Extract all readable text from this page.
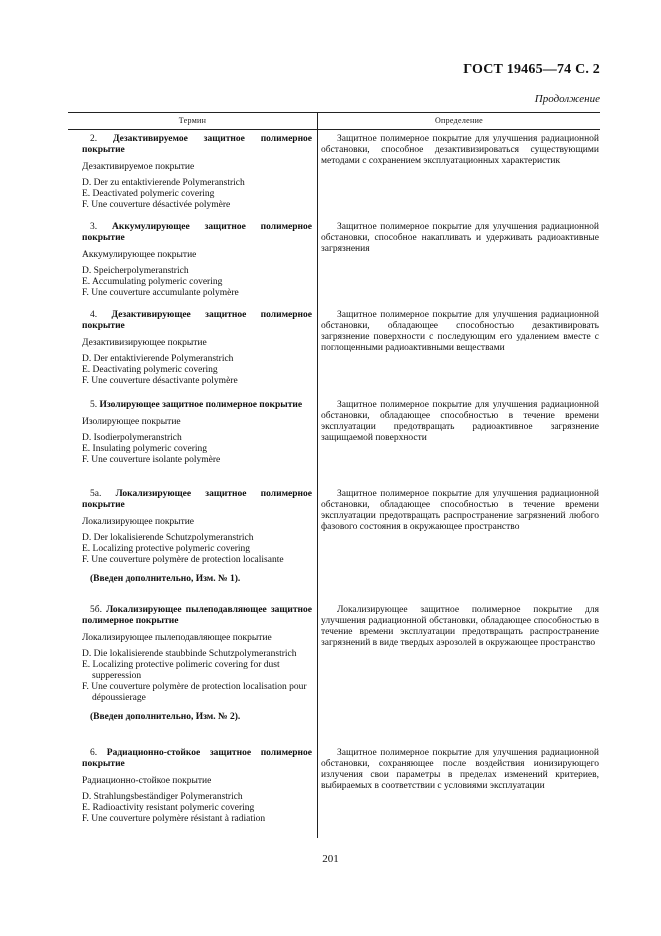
ГОСТ 19465—74 С. 2
Продолжение
Термин	Определение

2. Дезактивируемое защитное полимерное покрытие

Дезактивируемое покрытие

D. Der zu entaktivierende Polymeranstrich

E. Deactivated polymeric covering

F. Une couverture désactivée polymère

Защитное полимерное покрытие для улучшения радиационной обстановки, способное дезактивизироваться существующими методами с сохранением эксплуатационных характеристик

3. Аккумулирующее защитное полимерное покрытие

Аккумулирующее покрытие

D. Speicherpolymeranstrich

E. Accumulating polymeric covering

F. Une couverture accumulante polymère

Защитное полимерное покрытие для улучшения радиационной обстановки, способное накапливать и удерживать радиоактивные загрязнения

4. Дезактивирующее защитное полимерное покрытие

Дезактивизирующее покрытие

D. Der entaktivierende Polymeranstrich

E. Deactivating polymeric covering

F. Une couverture désactivante polymère

Защитное полимерное покрытие для улучшения радиационной обстановки, обладающее способностью дезактивировать загрязнение поверхности с последующим его удалением вместе с поглощенными радиоактивными веществами

5. Изолирующее защитное полимерное покрытие

Изолирующее покрытие

D. Isodierpolymeranstrich

E. Insulating polymeric covering

F. Une couverture isolante polymère

Защитное полимерное покрытие для улучшения радиационной обстановки, обладающее способностью в течение времени эксплуатации предотвращать радиоактивное загрязнение защищаемой поверхности

5а. Локализирующее защитное полимерное покрытие

Локализирующее покрытие

D. Der lokalisierende Schutzpolymeranstrich

E. Localizing protective polymeric covering

F. Une couverture polymère de protection localisante

(Введен дополнительно, Изм. № 1).

Защитное полимерное покрытие для улучшения радиационной обстановки, обладающее способностью в течение времени эксплуатации предотвращать распространение загрязнений любого фазового состояния в окружающее пространство

5б. Локализирующее пылеподавляющее защитное полимерное покрытие

Локализирующее пылеподавляющее покрытие

D. Die lokalisierende staubbinde Schutzpolymeranstrich

E. Localizing protective polimeric covering for dust supperession

F. Une couverture polymère de protection localisation pour dépoussierage

(Введен дополнительно, Изм. № 2).

Локализирующее защитное полимерное покрытие для улучшения радиационной обстановки, обладающее способностью в течение времени эксплуатации предотвращать распространение загрязнений в виде твердых аэрозолей в окружающее пространство

6. Радиационно-стойкое защитное полимерное покрытие

Радиационно-стойкое покрытие

D. Strahlungsbeständiger Polymeranstrich

E. Radioactivity resistant polymeric covering

F. Une couverture polymère résistant à radiation

Защитное полимерное покрытие для улучшения радиационной обстановки, сохраняющее после воздействия ионизирующего излучения свои параметры в пределах изменений критериев, выбираемых в соответствии с условиями эксплуатации
201
